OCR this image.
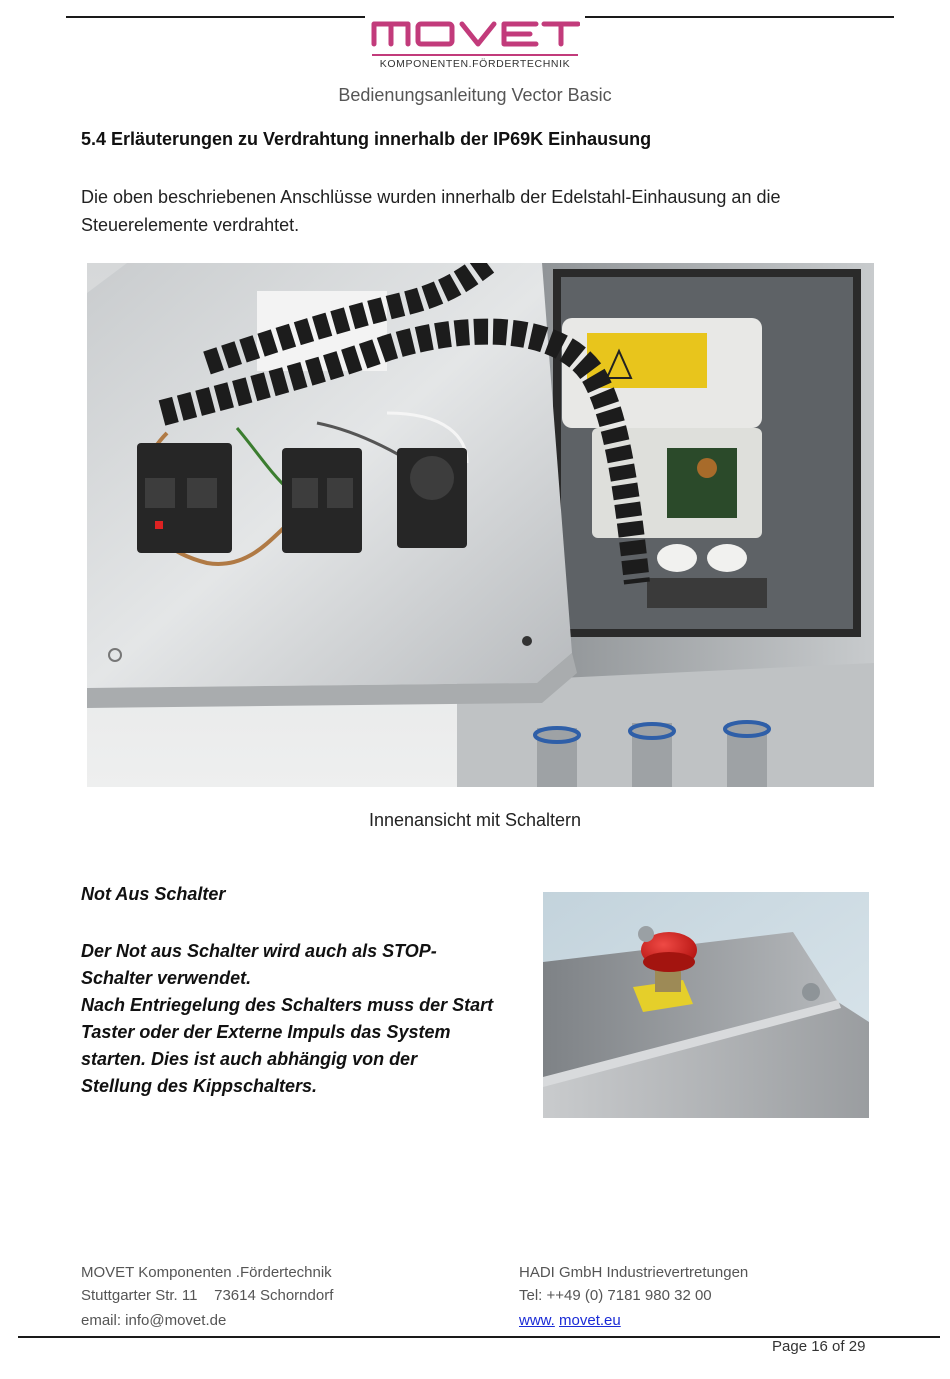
KOMPONENTEN.FÖRDERTECHNIK
Bedienungsanleitung Vector Basic
5.4 Erläuterungen zu Verdrahtung innerhalb der IP69K Einhausung
Die oben beschriebenen Anschlüsse wurden innerhalb der Edelstahl-Einhausung an die
Steuerelemente verdrahtet.
Innenansicht mit Schaltern
Not Aus Schalter
Der Not aus Schalter wird auch als STOP-
Schalter verwendet.
Nach Entriegelung des Schalters muss der Start
Taster oder der Externe Impuls das System
starten. Dies ist auch abhängig von der
Stellung des Kippschalters.
MOVET Komponenten .Fördertechnik
Stuttgarter Str. 11    73614 Schorndorf
email: info@movet.de
HADI GmbH Industrievertretungen
Tel: ++49 (0) 7181 980 32 00
www. movet.eu
Page 16 of 29
